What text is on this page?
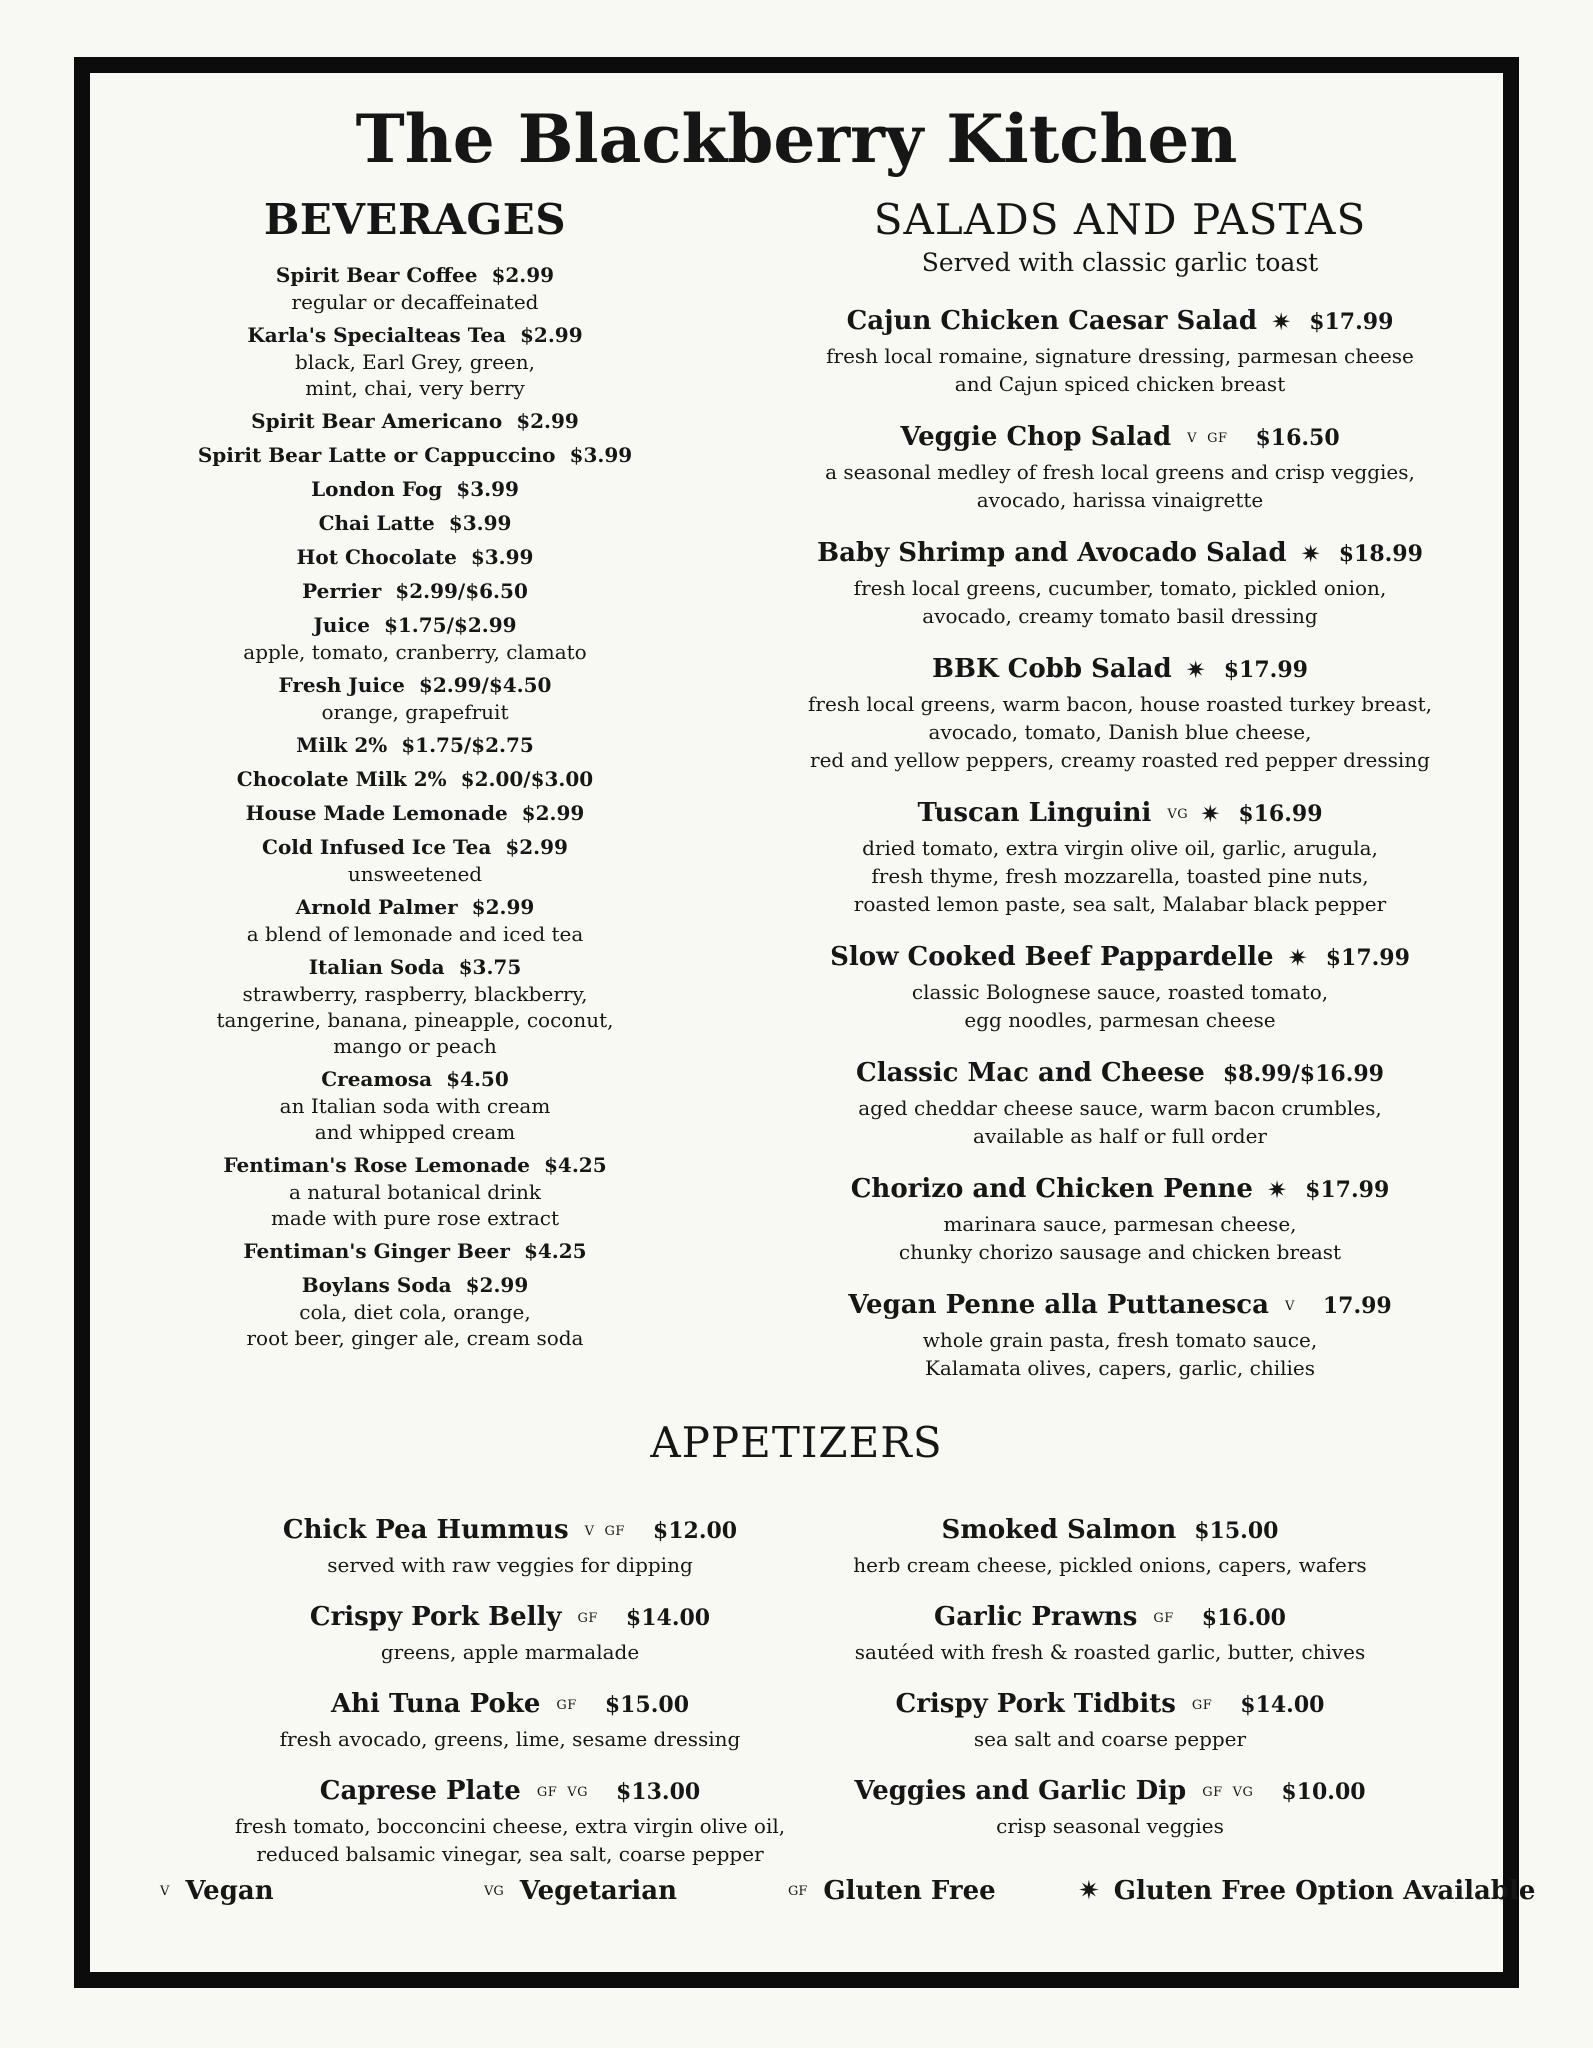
The Blackberry Kitchen
BEVERAGES
Spirit Bear Coffee $2.99
regular or decaffeinated
Karla's Specialteas Tea $2.99
black, Earl Grey, green,
mint, chai, very berry
Spirit Bear Americano $2.99
Spirit Bear Latte or Cappuccino $3.99
London Fog $3.99
Chai Latte $3.99
Hot Chocolate $3.99
Perrier $2.99/$6.50
Juice $1.75/$2.99
apple, tomato, cranberry, clamato
Fresh Juice $2.99/$4.50
orange, grapefruit
Milk 2% $1.75/$2.75
Chocolate Milk 2% $2.00/$3.00
House Made Lemonade $2.99
Cold Infused Ice Tea $2.99
unsweetened
Arnold Palmer $2.99
a blend of lemonade and iced tea
Italian Soda $3.75
strawberry, raspberry, blackberry,
tangerine, banana, pineapple, coconut,
mango or peach
Creamosa $4.50
an Italian soda with cream
and whipped cream
Fentiman's Rose Lemonade $4.25
a natural botanical drink
made with pure rose extract
Fentiman's Ginger Beer $4.25
Boylans Soda $2.99
cola, diet cola, orange,
root beer, ginger ale, cream soda
SALADS AND PASTAS
Served with classic garlic toast
Cajun Chicken Caesar Salad ✷ $17.99
fresh local romaine, signature dressing, parmesan cheese
and Cajun spiced chicken breast
Veggie Chop Salad V GF $16.50
a seasonal medley of fresh local greens and crisp veggies,
avocado, harissa vinaigrette
Baby Shrimp and Avocado Salad ✷ $18.99
fresh local greens, cucumber, tomato, pickled onion,
avocado, creamy tomato basil dressing
BBK Cobb Salad ✷ $17.99
fresh local greens, warm bacon, house roasted turkey breast,
avocado, tomato, Danish blue cheese,
red and yellow peppers, creamy roasted red pepper dressing
Tuscan Linguini VG ✷ $16.99
dried tomato, extra virgin olive oil, garlic, arugula,
fresh thyme, fresh mozzarella, toasted pine nuts,
roasted lemon paste, sea salt, Malabar black pepper
Slow Cooked Beef Pappardelle ✷ $17.99
classic Bolognese sauce, roasted tomato,
egg noodles, parmesan cheese
Classic Mac and Cheese $8.99/$16.99
aged cheddar cheese sauce, warm bacon crumbles,
available as half or full order
Chorizo and Chicken Penne ✷ $17.99
marinara sauce, parmesan cheese,
chunky chorizo sausage and chicken breast
Vegan Penne alla Puttanesca V 17.99
whole grain pasta, fresh tomato sauce,
Kalamata olives, capers, garlic, chilies
APPETIZERS
Chick Pea Hummus V GF $12.00
served with raw veggies for dipping
Crispy Pork Belly GF $14.00
greens, apple marmalade
Ahi Tuna Poke GF $15.00
fresh avocado, greens, lime, sesame dressing
Caprese Plate GF VG $13.00
fresh tomato, bocconcini cheese, extra virgin olive oil,
reduced balsamic vinegar, sea salt, coarse pepper
Smoked Salmon $15.00
herb cream cheese, pickled onions, capers, wafers
Garlic Prawns GF $16.00
sautéed with fresh & roasted garlic, butter, chives
Crispy Pork Tidbits GF $14.00
sea salt and coarse pepper
Veggies and Garlic Dip GF VG $10.00
crisp seasonal veggies
$^V$ Vegan	$^{VG}$ Vegetarian	$^{GF}$ Gluten Free	✷ Gluten Free Option Available
